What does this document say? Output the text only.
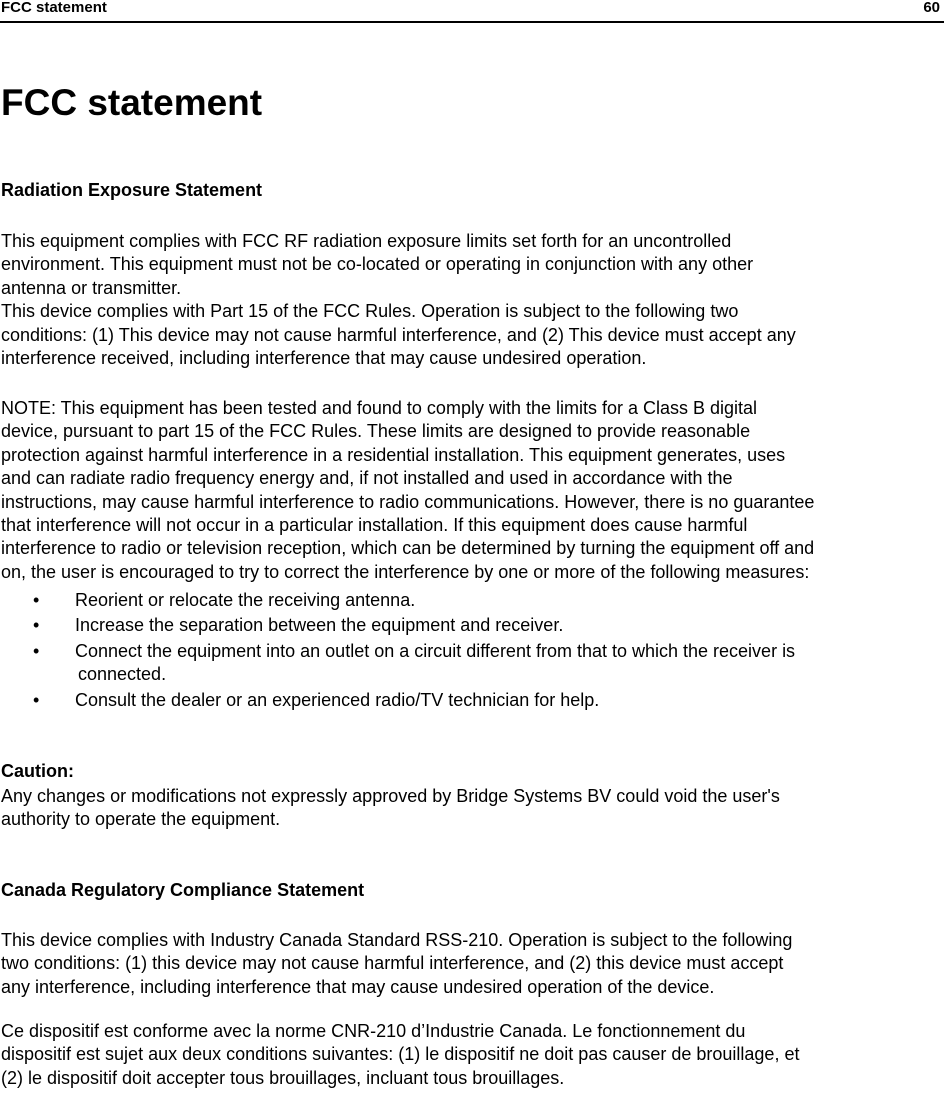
FCC statement	60
FCC statement
Radiation Exposure Statement
This equipment complies with FCC RF radiation exposure limits set forth for an uncontrolled
environment. This equipment must not be co-located or operating in conjunction with any other
antenna or transmitter.
This device complies with Part 15 of the FCC Rules. Operation is subject to the following two
conditions: (1) This device may not cause harmful interference, and (2) This device must accept any
interference received, including interference that may cause undesired operation.
NOTE: This equipment has been tested and found to comply with the limits for a Class B digital
device, pursuant to part 15 of the FCC Rules. These limits are designed to provide reasonable
protection against harmful interference in a residential installation. This equipment generates, uses
and can radiate radio frequency energy and, if not installed and used in accordance with the
instructions, may cause harmful interference to radio communications. However, there is no guarantee
that interference will not occur in a particular installation. If this equipment does cause harmful
interference to radio or television reception, which can be determined by turning the equipment off and
on, the user is encouraged to try to correct the interference by one or more of the following measures:
• Reorient or relocate the receiving antenna.
• Increase the separation between the equipment and receiver.
• Connect the equipment into an outlet on a circuit different from that to which the receiver is
connected.
• Consult the dealer or an experienced radio/TV technician for help.
Caution:
Any changes or modifications not expressly approved by Bridge Systems BV could void the user's
authority to operate the equipment.
Canada Regulatory Compliance Statement
This device complies with Industry Canada Standard RSS-210. Operation is subject to the following
two conditions: (1) this device may not cause harmful interference, and (2) this device must accept
any interference, including interference that may cause undesired operation of the device.
Ce dispositif est conforme avec la norme CNR-210 d’Industrie Canada. Le fonctionnement du
dispositif est sujet aux deux conditions suivantes: (1) le dispositif ne doit pas causer de brouillage, et
(2) le dispositif doit accepter tous brouillages, incluant tous brouillages.
